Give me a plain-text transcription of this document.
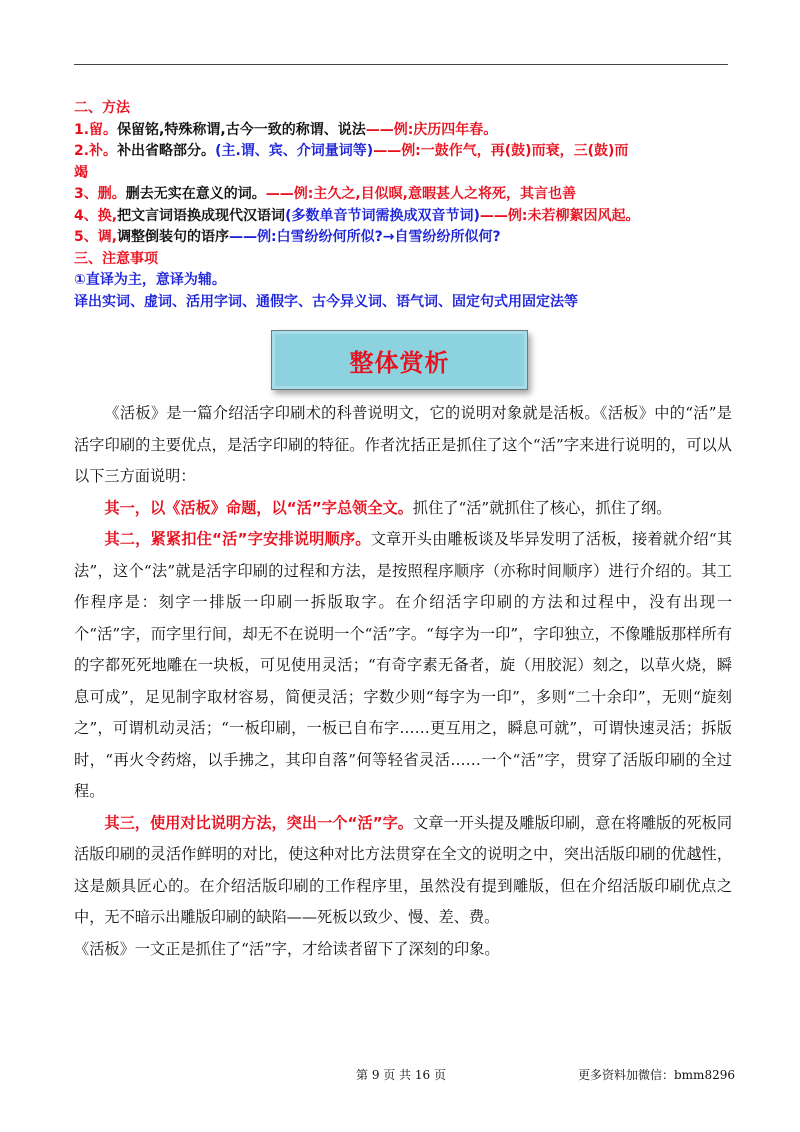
二、方法
1.留。保留铭,特殊称谓,古今一致的称谓、说法——例:庆历四年春。
2.补。补出省略部分。(主.谓、宾、介词量词等)——例:一鼓作气，再(鼓)而衰，三(鼓)而
竭
3、删。删去无实在意义的词。——例:主久之,目似暝,意暇甚人之将死，其言也善
4、换,把文言词语换成现代汉语词(多数单音节词需换成双音节词)——例:未若柳絮因风起。
5、调,调整倒装句的语序——例:白雪纷纷何所似?→自雪纷纷所似何?
三、注意事项
①直译为主，意译为辅。
译出实词、虚词、活用字词、通假字、古今异义词、语气词、固定句式用固定法等
整体赏析

《活板》是一篇介绍活字印刷术的科普说明文，它的说明对象就是活板。《活板》中的“活”是活字印刷的主要优点，是活字印刷的特征。作者沈括正是抓住了这个“活”字来进行说明的，可以从以下三方面说明：

其一，以《活板》命题，以“活”字总领全文。抓住了“活”就抓住了核心，抓住了纲。

其二，紧紧扣住“活”字安排说明顺序。文章开头由雕板谈及毕异发明了活板，接着就介绍“其法”，这个“法”就是活字印刷的过程和方法，是按照程序顺序（亦称时间顺序）进行介绍的。其工作程序是：刻字一排版一印刷一拆版取字。在介绍活字印刷的方法和过程中，没有出现一个“活”字，而字里行间，却无不在说明一个“活”字。“每字为一印”，字印独立，不像雕版那样所有的字都死死地雕在一块板，可见使用灵活；“有奇字素无备者，旋（用胶泥）刻之，以草火烧，瞬息可成”，足见制字取材容易，简便灵活；字数少则“每字为一印”，多则“二十余印”，无则“旋刻之”，可谓机动灵活；“一板印刷，一板已自布字……更互用之，瞬息可就”，可谓快速灵活；拆版时，“再火令药熔，以手拂之，其印自落”何等轻省灵活……一个“活”字，贯穿了活版印刷的全过程。

其三，使用对比说明方法，突出一个“活”字。文章一开头提及雕版印刷，意在将雕版的死板同活版印刷的灵活作鲜明的对比，使这种对比方法贯穿在全文的说明之中，突出活版印刷的优越性，这是颇具匠心的。在介绍活版印刷的工作程序里，虽然没有提到雕版，但在介绍活版印刷优点之中，无不暗示出雕版印刷的缺陷——死板以致少、慢、差、费。

《活板》一文正是抓住了“活”字，才给读者留下了深刻的印象。

第 9 页 共 16 页	更多资料加微信：bmm8296
